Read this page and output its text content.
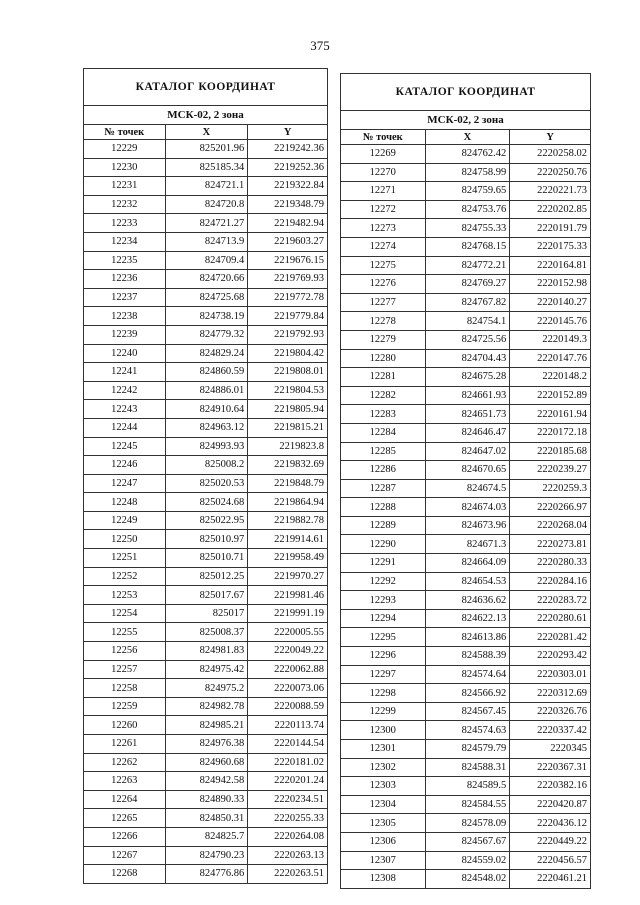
375
КАТАЛОГ КООРДИНАТ		
МСК-02, 2 зона		
№ точек	X	Y
12229	825201.96	2219242.36
12230	825185.34	2219252.36
12231	824721.1	2219322.84
12232	824720.8	2219348.79
12233	824721.27	2219482.94
12234	824713.9	2219603.27
12235	824709.4	2219676.15
12236	824720.66	2219769.93
12237	824725.68	2219772.78
12238	824738.19	2219779.84
12239	824779.32	2219792.93
12240	824829.24	2219804.42
12241	824860.59	2219808.01
12242	824886.01	2219804.53
12243	824910.64	2219805.94
12244	824963.12	2219815.21
12245	824993.93	2219823.8
12246	825008.2	2219832.69
12247	825020.53	2219848.79
12248	825024.68	2219864.94
12249	825022.95	2219882.78
12250	825010.97	2219914.61
12251	825010.71	2219958.49
12252	825012.25	2219970.27
12253	825017.67	2219981.46
12254	825017	2219991.19
12255	825008.37	2220005.55
12256	824981.83	2220049.22
12257	824975.42	2220062.88
12258	824975.2	2220073.06
12259	824982.78	2220088.59
12260	824985.21	2220113.74
12261	824976.38	2220144.54
12262	824960.68	2220181.02
12263	824942.58	2220201.24
12264	824890.33	2220234.51
12265	824850.31	2220255.33
12266	824825.7	2220264.08
12267	824790.23	2220263.13
12268	824776.86	2220263.51
КАТАЛОГ КООРДИНАТ		
МСК-02, 2 зона		
№ точек	X	Y
12269	824762.42	2220258.02
12270	824758.99	2220250.76
12271	824759.65	2220221.73
12272	824753.76	2220202.85
12273	824755.33	2220191.79
12274	824768.15	2220175.33
12275	824772.21	2220164.81
12276	824769.27	2220152.98
12277	824767.82	2220140.27
12278	824754.1	2220145.76
12279	824725.56	2220149.3
12280	824704.43	2220147.76
12281	824675.28	2220148.2
12282	824661.93	2220152.89
12283	824651.73	2220161.94
12284	824646.47	2220172.18
12285	824647.02	2220185.68
12286	824670.65	2220239.27
12287	824674.5	2220259.3
12288	824674.03	2220266.97
12289	824673.96	2220268.04
12290	824671.3	2220273.81
12291	824664.09	2220280.33
12292	824654.53	2220284.16
12293	824636.62	2220283.72
12294	824622.13	2220280.61
12295	824613.86	2220281.42
12296	824588.39	2220293.42
12297	824574.64	2220303.01
12298	824566.92	2220312.69
12299	824567.45	2220326.76
12300	824574.63	2220337.42
12301	824579.79	2220345
12302	824588.31	2220367.31
12303	824589.5	2220382.16
12304	824584.55	2220420.87
12305	824578.09	2220436.12
12306	824567.67	2220449.22
12307	824559.02	2220456.57
12308	824548.02	2220461.21
